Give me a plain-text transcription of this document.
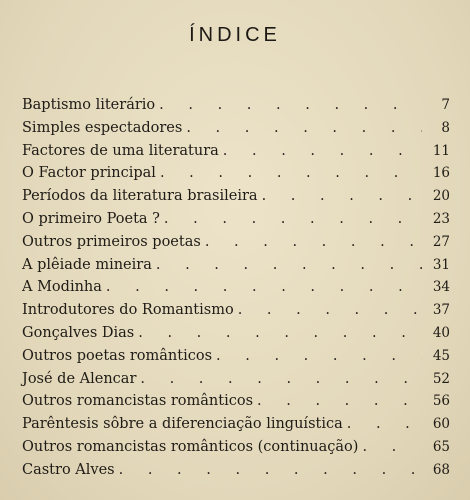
ÍNDICE
Baptismo literário . . .	7
Simples espectadores . . .	8
Factores de uma literatura . . .	11
O Factor principal . . .	16
Períodos da literatura brasileira . . .	20
O primeiro Poeta ? . . .	23
Outros primeiros poetas . . .	27
A plêiade mineira . . .	31
A Modinha . . .	34
Introdutores do Romantismo . . .	37
Gonçalves Dias . . .	40
Outros poetas românticos . . .	45
José de Alencar . . .	52
Outros romancistas românticos . . .	56
Parêntesis sôbre a diferenciação linguística . . .	60
Outros romancistas românticos (continuação) . . .	65
Castro Alves . . .	68
